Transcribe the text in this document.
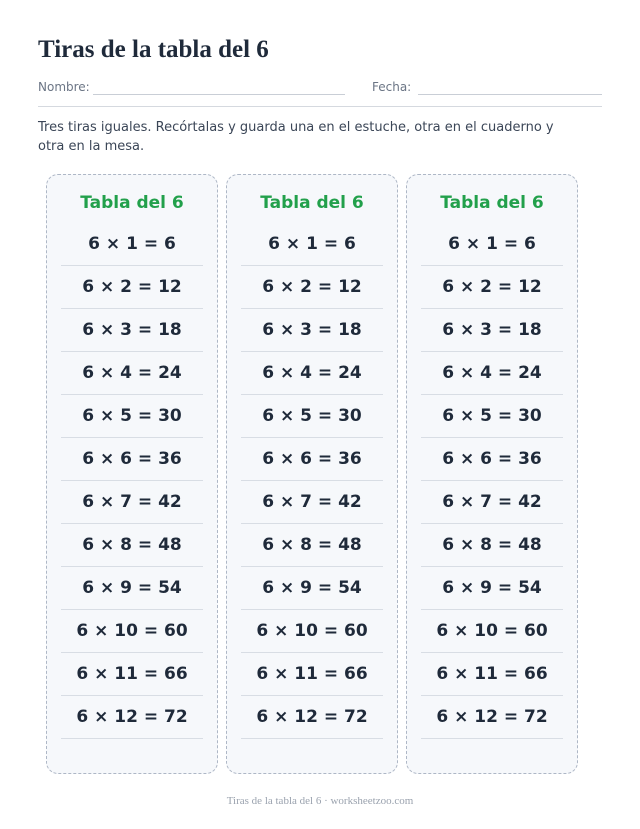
Tiras de la tabla del 6
Nombre:	Fecha:
Tres tiras iguales. Recórtalas y guarda una en el estuche, otra en el cuaderno y otra en la mesa.
Tabla del 6
6 × 1 = 6
6 × 2 = 12
6 × 3 = 18
6 × 4 = 24
6 × 5 = 30
6 × 6 = 36
6 × 7 = 42
6 × 8 = 48
6 × 9 = 54
6 × 10 = 60
6 × 11 = 66
6 × 12 = 72
Tabla del 6
6 × 1 = 6
6 × 2 = 12
6 × 3 = 18
6 × 4 = 24
6 × 5 = 30
6 × 6 = 36
6 × 7 = 42
6 × 8 = 48
6 × 9 = 54
6 × 10 = 60
6 × 11 = 66
6 × 12 = 72
Tabla del 6
6 × 1 = 6
6 × 2 = 12
6 × 3 = 18
6 × 4 = 24
6 × 5 = 30
6 × 6 = 36
6 × 7 = 42
6 × 8 = 48
6 × 9 = 54
6 × 10 = 60
6 × 11 = 66
6 × 12 = 72
Tiras de la tabla del 6 · worksheetzoo.com
